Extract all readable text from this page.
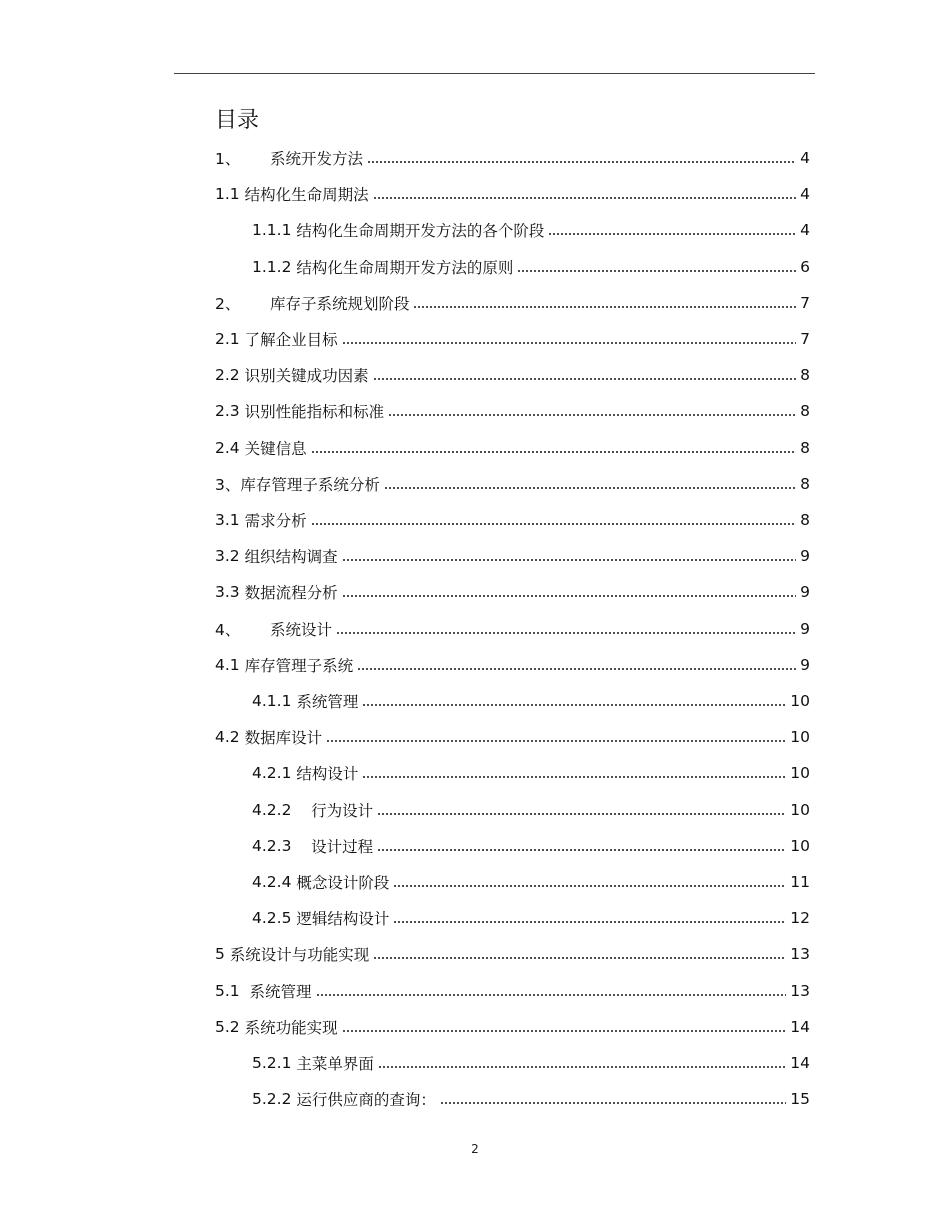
目录
1、 系统开发方法	4
1.1 结构化生命周期法	4
1.1.1 结构化生命周期开发方法的各个阶段	4
1.1.2 结构化生命周期开发方法的原则	6
2、 库存子系统规划阶段	7
2.1 了解企业目标	7
2.2 识别关键成功因素	8
2.3 识别性能指标和标准	8
2.4 关键信息	8
3、 库存管理子系统分析	8
3.1 需求分析	8
3.2 组织结构调查	9
3.3 数据流程分析	9
4、 系统设计	9
4.1 库存管理子系统	9
4.1.1 系统管理	10
4.2 数据库设计	10
4.2.1 结构设计	10
4.2.2 行为设计	10
4.2.3 设计过程	10
4.2.4 概念设计阶段	11
4.2.5 逻辑结构设计	12
5 系统设计与功能实现	13
5.1 系统管理	13
5.2 系统功能实现	14
5.2.1 主菜单界面	14
5.2.2 运行供应商的查询：	15
2
